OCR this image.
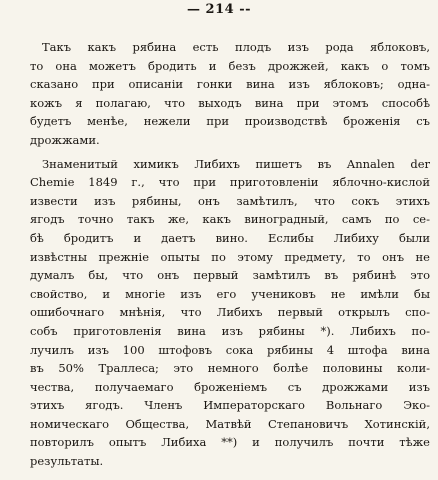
— 214 --
Такъ какъ рябина есть плодъ изъ рода яблоковъ,
то она можетъ бродить и безъ дрожжей, какъ о томъ
сказано при описаніи гонки вина изъ яблоковъ; одна-
кожъ я полагаю, что выходъ вина при этомъ способѣ
будетъ менѣе, нежели при производствѣ броженія съ
дрожжами.
Знаменитый химикъ Либихъ пишетъ въ Annalen der
Chemie 1849 г., что при приготовленіи яблочно-кислой
извести изъ рябины, онъ замѣтилъ, что сокъ этихъ
ягодъ точно такъ же, какъ виноградный, самъ по се-
бѣ бродитъ и даетъ вино. Еслибы Либиху были
извѣстны прежніе опыты по этому предмету, то онъ не
думалъ бы, что онъ первый замѣтилъ въ рябинѣ это
свойство, и многіе изъ его учениковъ не имѣли бы
ошибочнаго мнѣнія, что Либихъ первый открылъ спо-
собъ приготовленія вина изъ рябины *). Либихъ по-
лучилъ изъ 100 штофовъ сока рябины 4 штофа вина
въ 50% Траллеса; это немного болѣе половины коли-
чества, получаемаго броженіемъ съ дрожжами изъ
этихъ ягодъ. Членъ Императорскаго Вольнаго Эко-
номическаго Общества, Матвѣй Степановичъ Хотинскій,
повторилъ опытъ Либиха **) и получилъ почти тѣже
результаты.
